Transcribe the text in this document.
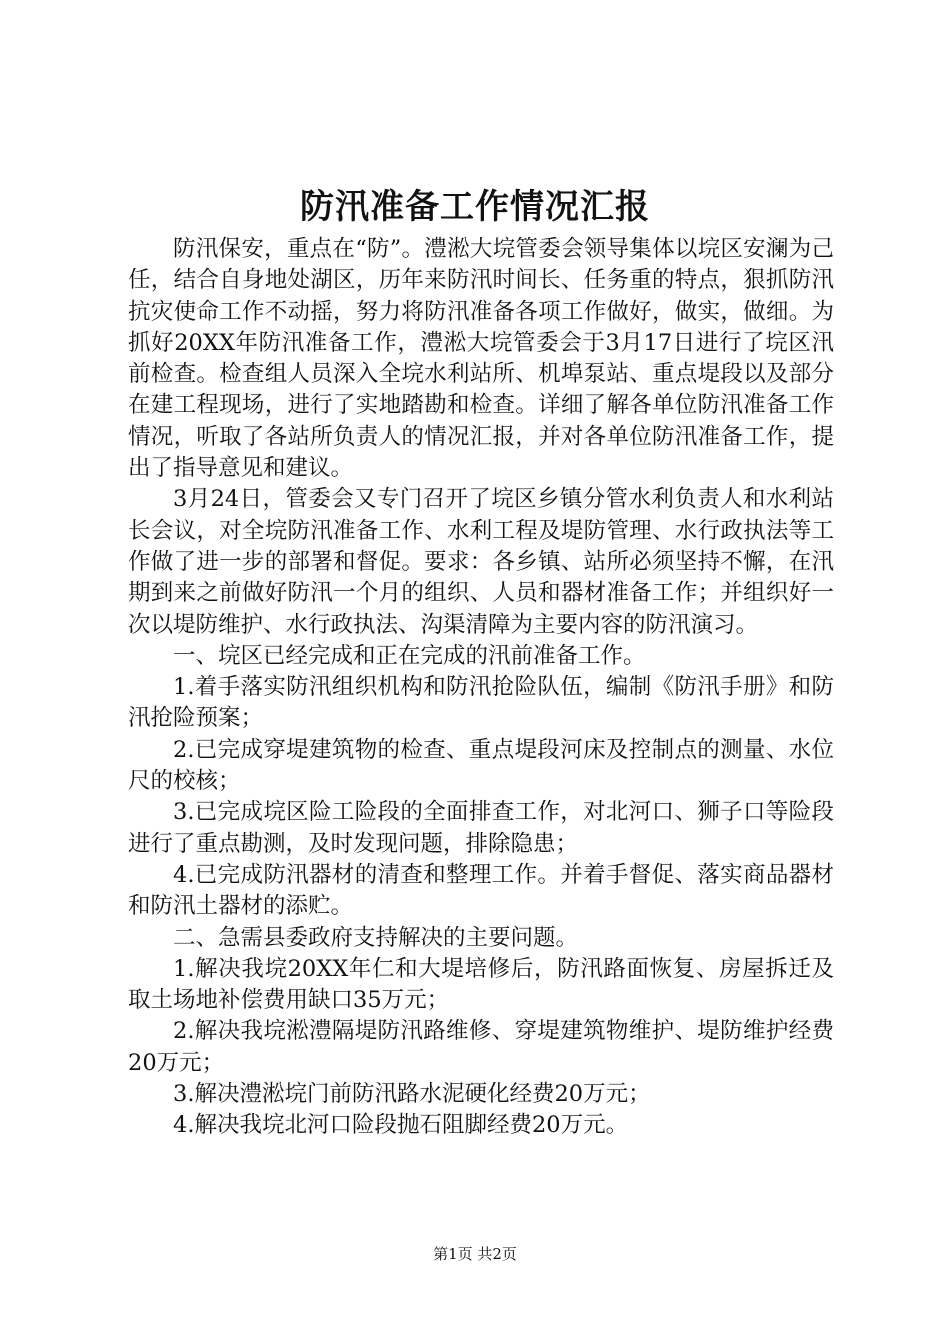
防汛准备工作情况汇报

防汛保安，重点在“防”。澧淞大垸管委会领导集体以垸区安澜为己任，结合自身地处湖区，历年来防汛时间长、任务重的特点，狠抓防汛抗灾使命工作不动摇，努力将防汛准备各项工作做好，做实，做细。为抓好20XX年防汛准备工作，澧淞大垸管委会于3月17日进行了垸区汛前检查。检查组人员深入全垸水利站所、机埠泵站、重点堤段以及部分在建工程现场，进行了实地踏勘和检查。详细了解各单位防汛准备工作情况，听取了各站所负责人的情况汇报，并对各单位防汛准备工作，提出了指导意见和建议。

3月24日，管委会又专门召开了垸区乡镇分管水利负责人和水利站长会议，对全垸防汛准备工作、水利工程及堤防管理、水行政执法等工作做了进一步的部署和督促。要求：各乡镇、站所必须坚持不懈，在汛期到来之前做好防汛一个月的组织、人员和器材准备工作；并组织好一次以堤防维护、水行政执法、沟渠清障为主要内容的防汛演习。

一、垸区已经完成和正在完成的汛前准备工作。

1.着手落实防汛组织机构和防汛抢险队伍，编制《防汛手册》和防汛抢险预案；

2.已完成穿堤建筑物的检查、重点堤段河床及控制点的测量、水位尺的校核；

3.已完成垸区险工险段的全面排查工作，对北河口、狮子口等险段进行了重点勘测，及时发现问题，排除隐患；

4.已完成防汛器材的清查和整理工作。并着手督促、落实商品器材和防汛土器材的添贮。

二、急需县委政府支持解决的主要问题。

1.解决我垸20XX年仁和大堤培修后，防汛路面恢复、房屋拆迁及取土场地补偿费用缺口35万元；

2.解决我垸淞澧隔堤防汛路维修、穿堤建筑物维护、堤防维护经费20万元；

3.解决澧淞垸门前防汛路水泥硬化经费20万元；

4.解决我垸北河口险段抛石阻脚经费20万元。

第1页 共2页
